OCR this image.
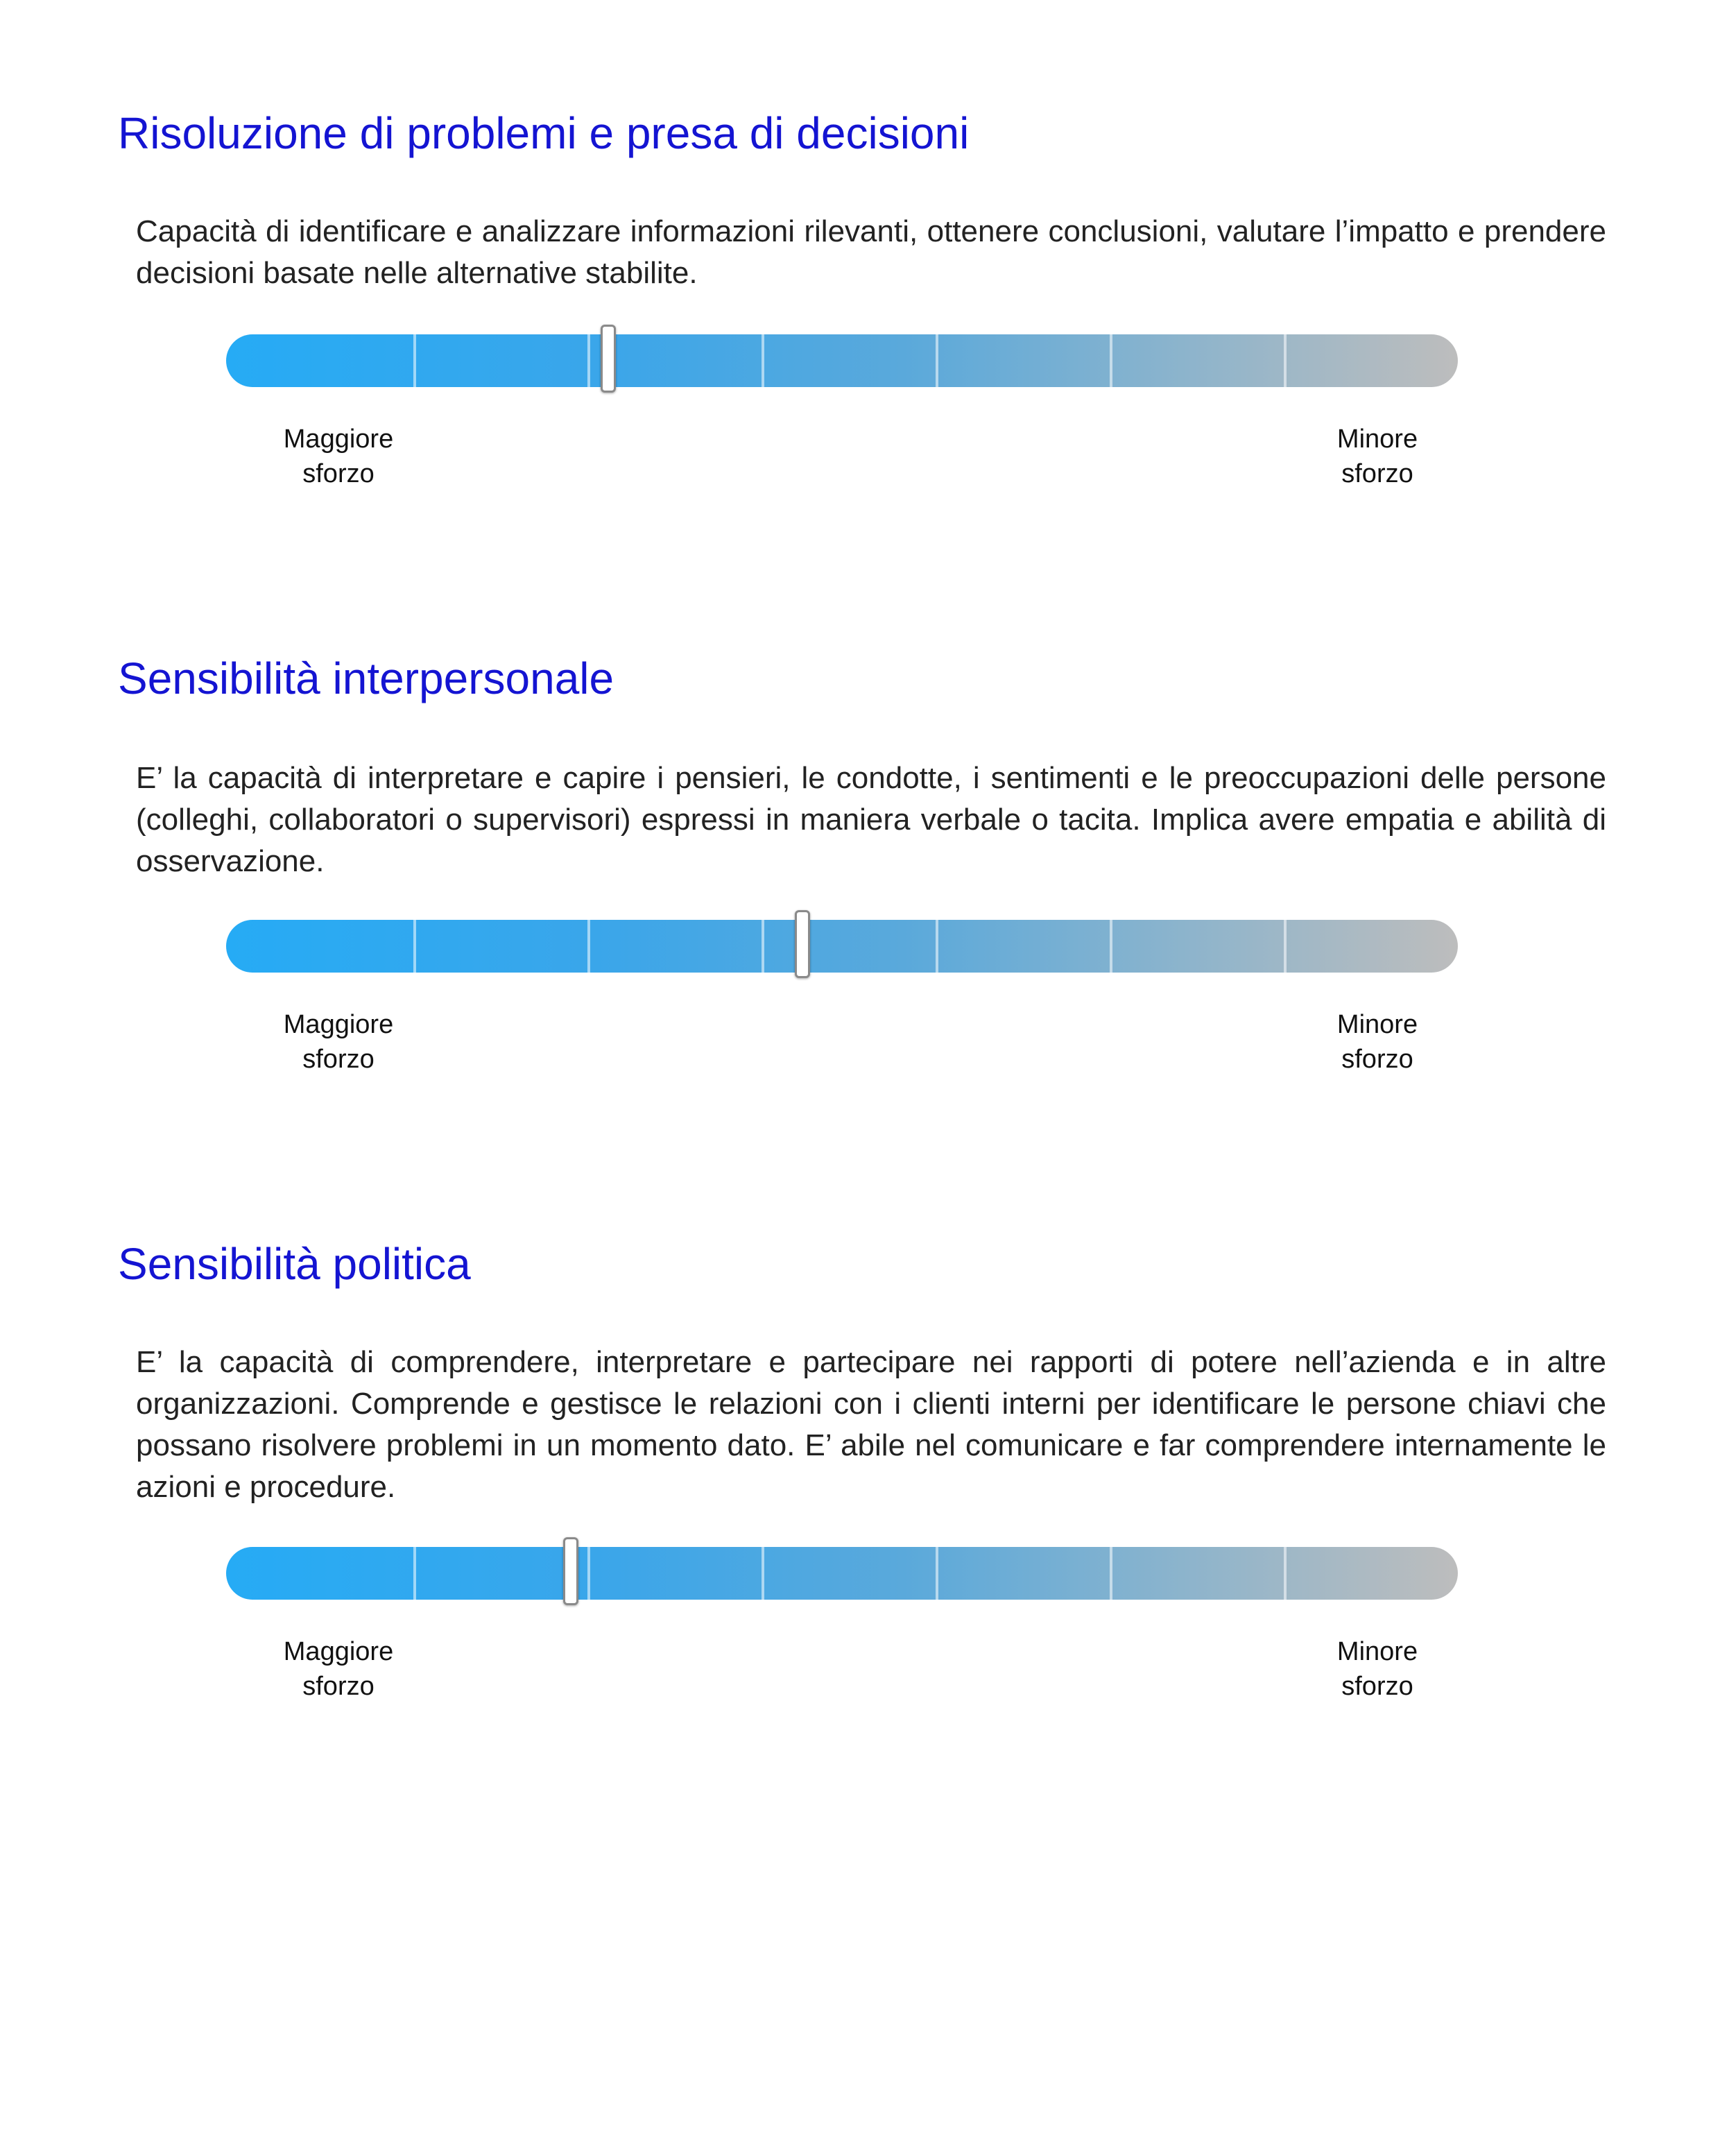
Risoluzione di problemi e presa di decisioni

Capacità di identificare e analizzare informazioni rilevanti, ottenere conclusioni, valutare l’impatto e prendere decisioni basate nelle alternative stabilite.

Maggiore
sforzo
Minore
sforzo
Sensibilità interpersonale

E’ la capacità di interpretare e capire i pensieri, le condotte, i sentimenti e le preoccupazioni delle persone (colleghi, collaboratori o supervisori) espressi in maniera verbale o tacita. Implica avere empatia e abilità di osservazione.

Maggiore
sforzo
Minore
sforzo
Sensibilità politica

E’ la capacità di comprendere, interpretare e partecipare nei rapporti di potere nell’azienda e in altre organizzazioni. Comprende e gestisce le relazioni con i clienti interni per identificare le persone chiavi che possano risolvere problemi in un momento dato. E’ abile nel comunicare e far comprendere internamente le azioni e procedure.

Maggiore
sforzo
Minore
sforzo
